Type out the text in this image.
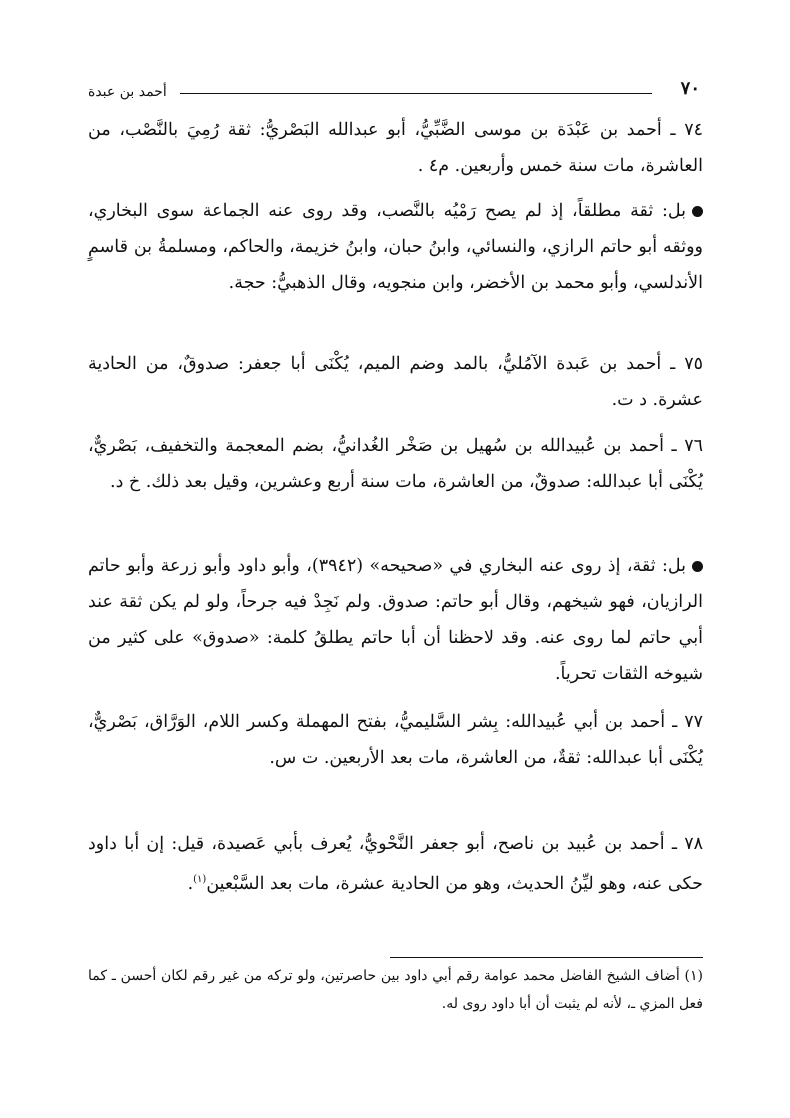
أحمد بن عبدة	٧٠
٧٤ ـ أحمد بن عَبْدَة بن موسى الضَّبِّيُّ، أبو عبدالله البَصْريُّ: ثقة رُمِيَ بالنَّصْب، من العاشرة، مات سنة خمس وأربعين. م٤ .
بل: ثقة مطلقاً، إذ لم يصح رَمْيُه بالنَّصب، وقد روى عنه الجماعة سوى البخاري، ووثقه أبو حاتم الرازي، والنسائي، وابنُ حبان، وابنُ خزيمة، والحاكم، ومسلمةُ بن قاسمٍ الأندلسي، وأبو محمد بن الأخضر، وابن منجويه، وقال الذهبيُّ: حجة.
٧٥ ـ أحمد بن عَبدة الآمُليُّ، بالمد وضم الميم، يُكْنَى أبا جعفر: صدوقٌ، من الحادية عشرة. د ت.
٧٦ ـ أحمد بن عُبيدالله بن سُهيل بن صَخْر الغُدانيُّ، بضم المعجمة والتخفيف، بَصْريٌّ، يُكْنَى أبا عبدالله: صدوقٌ، من العاشرة، مات سنة أربع وعشرين، وقيل بعد ذلك. خ د.
بل: ثقة، إذ روى عنه البخاري في «صحيحه» (٣٩٤٢)، وأبو داود وأبو زرعة وأبو حاتم الرازيان، فهو شيخهم، وقال أبو حاتم: صدوق. ولم نَجِدْ فيه جرحاً، ولو لم يكن ثقة عند أبي حاتم لما روى عنه. وقد لاحظنا أن أبا حاتم يطلقُ كلمة: «صدوق» على كثير من شيوخه الثقات تحرياً.
٧٧ ـ أحمد بن أبي عُبيدالله: بِشر السَّليميُّ، بفتح المهملة وكسر اللام، الوَرَّاق، بَصْريٌّ، يُكْنَى أبا عبدالله: ثقةٌ، من العاشرة، مات بعد الأربعين. ت س.
٧٨ ـ أحمد بن عُبيد بن ناصح، أبو جعفر النَّحْويُّ، يُعرف بأبي عَصيدة، قيل: إن أبا داود حكى عنه، وهو ليِّنُ الحديث، وهو من الحادية عشرة، مات بعد السَّبْعين$^{(١)}$.
(١) أضاف الشيخ الفاضل محمد عوامة رقم أبي داود بين حاصرتين، ولو تركه من غير رقم لكان أحسن ـ كما فعل المزي ـ، لأنه لم يثبت أن أبا داود روى له.
